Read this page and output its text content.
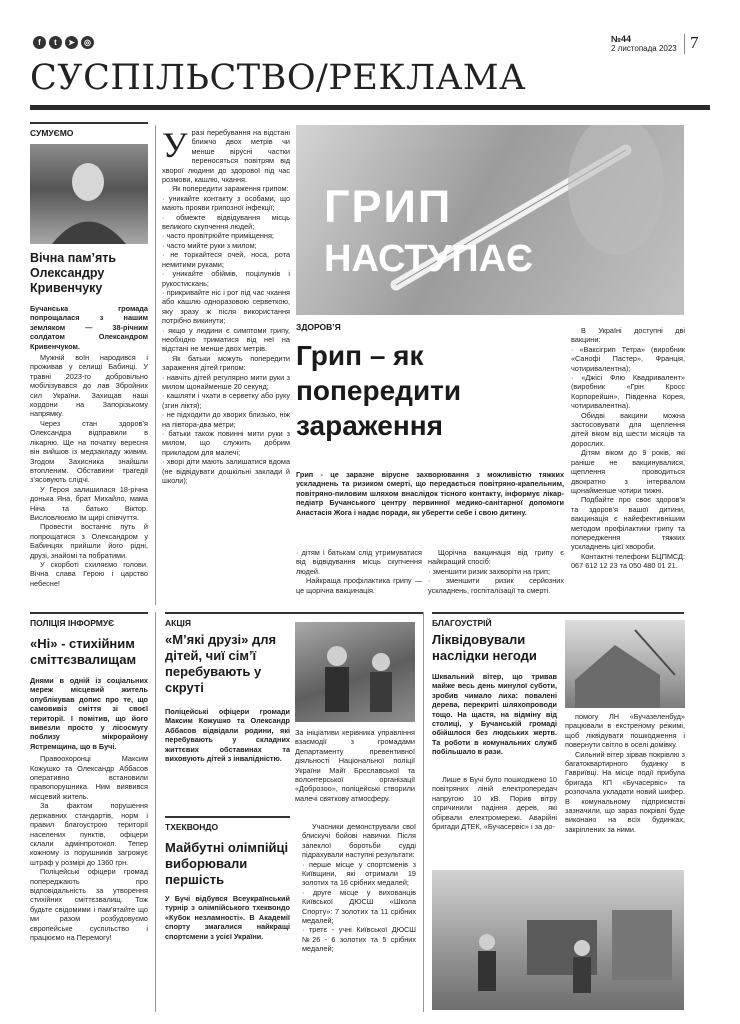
f	t	➤	◎	№44
2 листопада 2023 7
СУСПІЛЬСТВО/РЕКЛАМА
СУМУЄМО
Вічна пам’ять Олександру Кривенчуку
Бучанська громада попрощалася з нашим земляком — 38-річним солдатом Олександром Кривенчуком.

Мужній воїн народився і проживав у селищі Бабинці. У травні 2023-го добровільно мобілізувався до лав Збройних сил України. Захищав наші кордони на Запорізькому напрямку.

Через стан здоров’я Олександра відправили в лікарню. Ще на початку вересня він вийшов із медзакладу живим. Згодом Захисника знайшли втопленим. Обставини трагедії з’ясовують слідчі.

У Героя залишилася 18-річна донька Яна, брат Михайло, мама Ніна та батько Віктор. Висловлюємо їм щирі співчуття.

Провести востаннє путь й попрощатися з Олександром у Бабинцях прийшли його рідні, друзі, знайомі та побратими.

У скорботі схиляємо голови. Вічна слава Герою і царство небесне!

У разі перебування на відстані ближчо двох метрів чи менше вірусні частки переносяться повітрям від хворої людини до здорової під час розмови, кашлю, чхання.

Як попередити зараження грипом:

· уникайте контакту з особами, що мають прояви грипозної інфекції;
· обмежте відвідування місць великого скупчення людей;
· часто провітрюйте приміщення;
· часто мийте руки з милом;
· не торкайтеся очей, носа, рота немитими руками;
· уникайте обіймів, поцілунків і рукостискань;
· прикривайте ніс і рот під час чхання або кашлю одноразовою серветкою, яку зразу ж після використання потрібно викинути;
· якщо у людини є симптоми грипу, необхідно триматися від неї на відстані не менше двох метрів.

Як батьки можуть попередити зараження дітей грипом:

· навчіть дітей регулярно мити руки з милом щонайменше 20 секунд;
· кашляти і чхати в серветку або руку (згин ліктя);
· не підходити до хворих близько, ніж на півтора-два метри;
· батьки також повинні мити руки з милом, що служить добрим прикладом для малечі;
· хворі діти мають залишатися вдома (не відвідувати дошкільні заклади й школи);
ГРИП
НАСТУПАЄ
ЗДОРОВ’Я
Грип – як попередити зараження
Грип - це заразне вірусне захворювання з можливістю тяжких ускладнень та ризиком смерті, що передається повітряно-крапельним, повітряно-пиловим шляхом внаслідок тісного контакту, інформує лікар-педіатр Бучанського центру первинної медико-санітарної допомоги Анастасія Жога і надає поради, як уберегти себе і свою дитину.
· дітям і батькам слід утримуватися від відвідування місць скупчення людей.

Найкраща профілактика грипу — це щорічна вакцинація.

Щорічна вакцинація від грипу є найкращий спосіб:

· зменшити ризик захворіти на грип;
· зменшити ризик серйозних ускладнень, госпіталізації та смерті.

В Україні доступні дві вакцини:

· «Ваксігрип Тетра» (виробник «Санофі Пастер», Франція, чотиривалентна);
· «Джісі Флю Квадривалент» (виробник «Грін Кросс Корпорейшн», Південна Корея, чотиривалентна).

Обидві вакцини можна застосовувати для щеплення дітей віком від шести місяців та дорослих.

Дітям віком до 9 років, які раніше не вакцинувалися, щеплення проводиться двократно з інтервалом щонайменше чотири тижні.

Подбайте про своє здоров’я та здоров’я вашої дитини, вакцинація є найефективнішим методом профілактики грипу та попередження тяжких ускладнень цієї хвороби.

Контактні телефони БЦПМСД: 067 612 12 23 та 050 480 01 21.

ПОЛІЦІЯ ІНФОРМУЄ
«Ні» - стихійним сміттєзвалищам
Днями в одній із соціальних мереж місцевий житель опублікував допис про те, що самовивіз сміття зі своєї території. І помітив, що його вивезли просто у лісосмугу поблизу мікрорайону Ястремщина, що в Бучі.

Правоохоронці Максим Кожушко та Олександр Аббасов оперативно встановили правопорушника. Ним виявився місцевий житель.

За фактом порушення державних стандартів, норм і правил благоустрою території населених пунктів, офіцери склали адмінпротокол. Тепер кожному із порушників загрожує штраф у розмірі до 1360 грн.

Поліцейські офіцери громад попереджають про відповідальність за утворення стихійних сміттєзвалищ. Тож будьте свідомими і пам’ятайте що ми разом розбудовуємо європейське суспільство і працюємо на Перемогу!

АКЦІЯ
«М’які друзі» для дітей, чиї сім’ї перебувають у скруті
Поліцейські офіцери громади Максим Кожушко та Олександр Аббасов відвідали родини, які перебувають у складних життєвих обставинах та виховують дітей з інвалідністю.
За ініціативи керівника управління взаємодії з громадами Департаменту превентивної діяльності Національної поліції України Майї Брєславської та волонтерської організації «Доброзоо», поліцейські створили малечі святкову атмосферу.
ТХЕКВОНДО
Майбутні олімпійці виборювали першість
У Бучі відбувся Всеукраїнський турнір з олімпійського тхеквондо «Кубок незламності». В Академії спорту змагалися найкращі спортсмени з усієї України.

Учасники демонстрували свої блискучі бойові навички. Після запеклої боротьби судді підрахували наступні результати:

· перше місце у спортсменів з Київщини, які отримали 19 золотих та 16 срібних медалей;
· друге місце у вихованців Київської ДЮСШ «Школа Спорту»: 7 золотих та 11 срібних медалей;
· третє - учні Київської ДЮСШ №26 - 6 золотих та 5 срібних медалей;
БЛАГОУСТРІЙ
Ліквідовували наслідки негоди
Шквальний вітер, що тривав майже весь день минулої суботи, зробив чимало лиха: повалені дерева, перекриті шляхопроводи тощо. На щастя, на відміну від столиці, у Бучанській громаді обійшлося без людських жертв. Та роботи в комунальних служб побільшало в рази.

Лише в Бучі було пошкоджено 10 повітряних ліній електропередач напругою 10 кВ. Порив вітру спричинили падіння дерев, які обірвали електромережі. Аварійні бригади ДТЕК, «Бучасервіс» і за до-

помогу ЛН «Бучазеленбуд» працювали в екстреному режимі, щоб ліквідувати пошкодження і повернути світло в оселі домівку.

Сильний вітер зірвав покрівлю з багатоквартирного будинку в Гавриївці. На місце події прибула бригада КП «Бучасервіс» та розпочала укладати новий шифер. В комунальному підприємстві зазначили, що зараз покрівлі буде виконано на всіх будинках, закріплених за ними.
